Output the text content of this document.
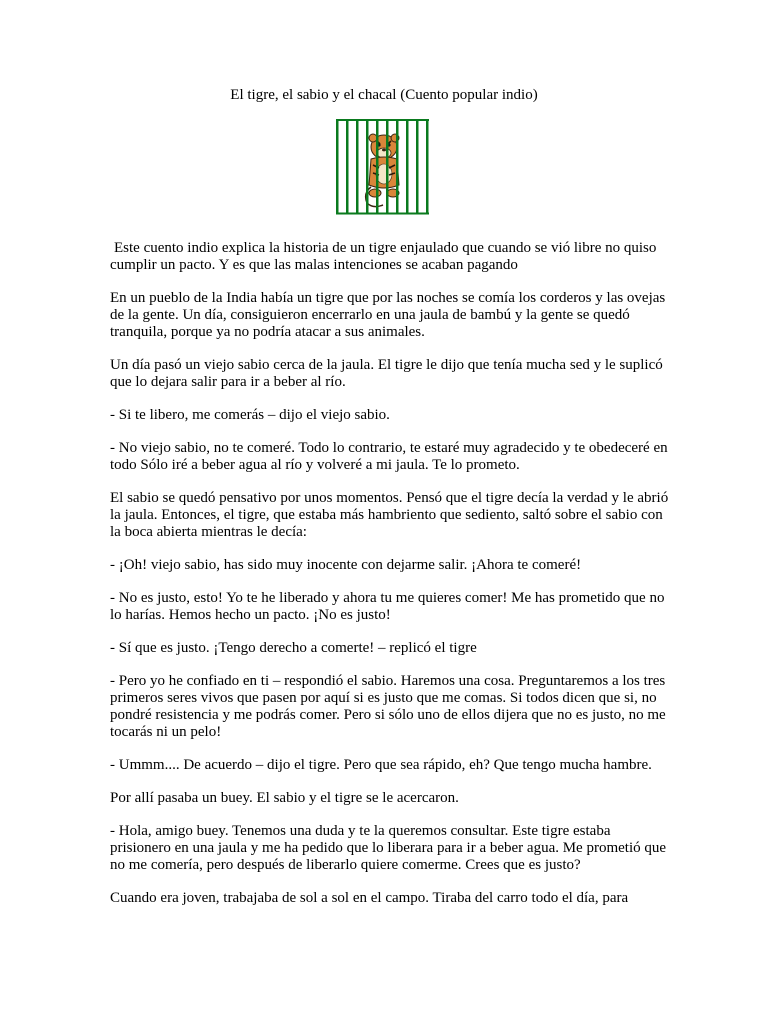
El tigre, el sabio y el chacal (Cuento popular indio)

Este cuento indio explica la historia de un tigre enjaulado que cuando se vió libre no quiso cumplir un pacto. Y es que las malas intenciones se acaban pagando

En un pueblo de la India había un tigre que por las noches se comía los corderos y las ovejas de la gente. Un día, consiguieron encerrarlo en una jaula de bambú y la gente se quedó tranquila, porque ya no podría atacar a sus animales.

Un día pasó un viejo sabio cerca de la jaula. El tigre le dijo que tenía mucha sed y le suplicó que lo dejara salir para ir a beber al río.

- Si te libero, me comerás – dijo el viejo sabio.

- No viejo sabio, no te comeré. Todo lo contrario, te estaré muy agradecido y te obedeceré en todo Sólo iré a beber agua al río y volveré a mi jaula. Te lo prometo.

El sabio se quedó pensativo por unos momentos. Pensó que el tigre decía la verdad y le abrió la jaula. Entonces, el tigre, que estaba más hambriento que sediento, saltó sobre el sabio con la boca abierta mientras le decía:

- ¡Oh! viejo sabio, has sido muy inocente con dejarme salir. ¡Ahora te comeré!

- No es justo, esto! Yo te he liberado y ahora tu me quieres comer! Me has prometido que no lo harías. Hemos hecho un pacto. ¡No es justo!

- Sí que es justo. ¡Tengo derecho a comerte! – replicó el tigre

- Pero yo he confiado en ti – respondió el sabio. Haremos una cosa. Preguntaremos a los tres primeros seres vivos que pasen por aquí si es justo que me comas. Si todos dicen que si, no pondré resistencia y me podrás comer. Pero si sólo uno de ellos dijera que no es justo, no me tocarás ni un pelo!

- Ummm.... De acuerdo – dijo el tigre. Pero que sea rápido, eh? Que tengo mucha hambre.

Por allí pasaba un buey. El sabio y el tigre se le acercaron.

- Hola, amigo buey. Tenemos una duda y te la queremos consultar. Este tigre estaba prisionero en una jaula y me ha pedido que lo liberara para ir a beber agua. Me prometió que no me comería, pero después de liberarlo quiere comerme. Crees que es justo?

Cuando era joven, trabajaba de sol a sol en el campo. Tiraba del carro todo el día, para
